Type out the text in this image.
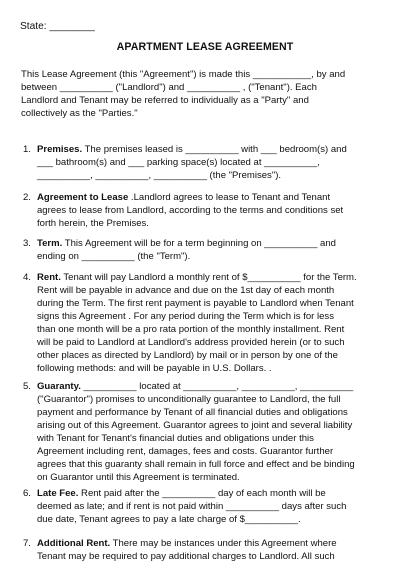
State: ________
APARTMENT LEASE AGREEMENT
This Lease Agreement (this "Agreement") is made this ___________, by and
between __________ ("Landlord") and __________ , ("Tenant"). Each
Landlord and Tenant may be referred to individually as a "Party" and
collectively as the "Parties."
1. Premises. The premises leased is __________ with ___ bedroom(s) and
___ bathroom(s) and ___ parking space(s) located at __________,
__________, __________, __________ (the "Premises").
2. Agreement to Lease .Landlord agrees to lease to Tenant and Tenant
agrees to lease from Landlord, according to the terms and conditions set
forth herein, the Premises.
3. Term. This Agreement will be for a term beginning on __________ and
ending on __________ (the "Term").
4. Rent. Tenant will pay Landlord a monthly rent of $__________ for the Term.
Rent will be payable in advance and due on the 1st day of each month
during the Term. The first rent payment is payable to Landlord when Tenant
signs this Agreement . For any period during the Term which is for less
than one month will be a pro rata portion of the monthly installment. Rent
will be paid to Landlord at Landlord's address provided herein (or to such
other places as directed by Landlord) by mail or in person by one of the
following methods: and will be payable in U.S. Dollars. .
5. Guaranty. __________ located at __________, __________, __________
("Guarantor") promises to unconditionally guarantee to Landlord, the full
payment and performance by Tenant of all financial duties and obligations
arising out of this Agreement. Guarantor agrees to joint and several liability
with Tenant for Tenant's financial duties and obligations under this
Agreement including rent, damages, fees and costs. Guarantor further
agrees that this guaranty shall remain in full force and effect and be binding
on Guarantor until this Agreement is terminated.
6. Late Fee. Rent paid after the __________ day of each month will be
deemed as late; and if rent is not paid within __________ days after such
due date, Tenant agrees to pay a late charge of $__________.
7. Additional Rent. There may be instances under this Agreement where
Tenant may be required to pay additional charges to Landlord. All such
